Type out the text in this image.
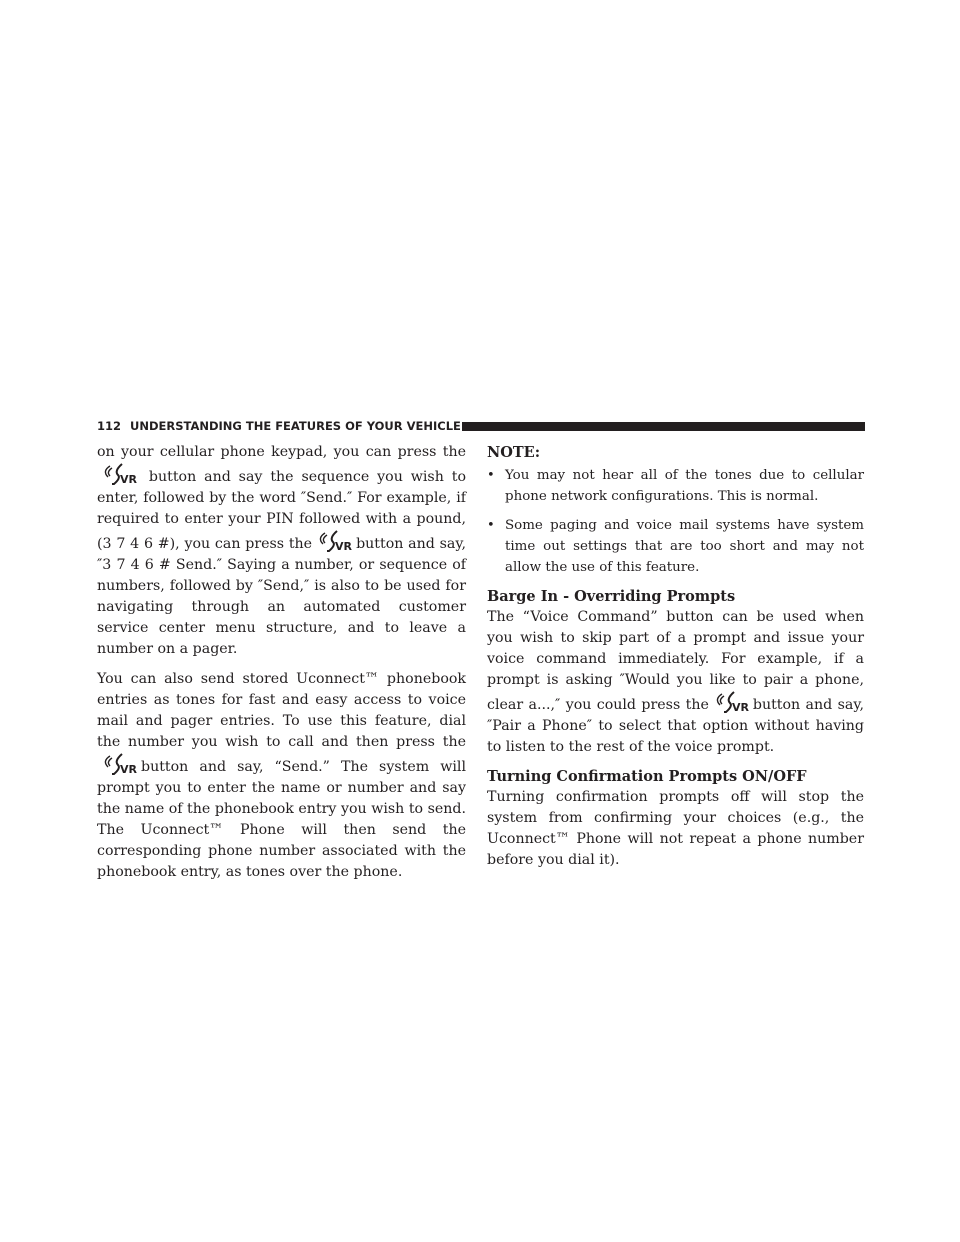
112 UNDERSTANDING THE FEATURES OF YOUR VEHICLE

on your cellular phone keypad, you can press the
VR button and say the sequence you wish to enter, followed by the word ″Send.″ For example, if required to enter your PIN followed with a pound, (3 7 4 6 #), you can press the VR button and say, ″3 7 4 6 # Send.″ Saying a number, or sequence of numbers, followed by ″Send,″ is also to be used for navigating through an automated customer service center menu structure, and to leave a number on a pager.

You can also send stored Uconnect™ phonebook entries as tones for fast and easy access to voice mail and pager entries. To use this feature, dial the number you wish to call and then press the
VR button and say, “Send.” The system will prompt you to enter the name or number and say the name of the phonebook entry you wish to send. The Uconnect™ Phone will then send the corresponding phone number associated with the phonebook entry, as tones over the phone.

NOTE:
• You may not hear all of the tones due to cellular phone network configurations. This is normal.
• Some paging and voice mail systems have system time out settings that are too short and may not allow the use of this feature.
Barge In - Overriding Prompts

The “Voice Command” button can be used when you wish to skip part of a prompt and issue your voice command immediately. For example, if a prompt is asking ″Would you like to pair a phone, clear a...,″ you could press the VR button and say, ″Pair a Phone″ to select that option without having to listen to the rest of the voice prompt.

Turning Confirmation Prompts ON/OFF

Turning confirmation prompts off will stop the system from confirming your choices (e.g., the Uconnect™ Phone will not repeat a phone number before you dial it).
